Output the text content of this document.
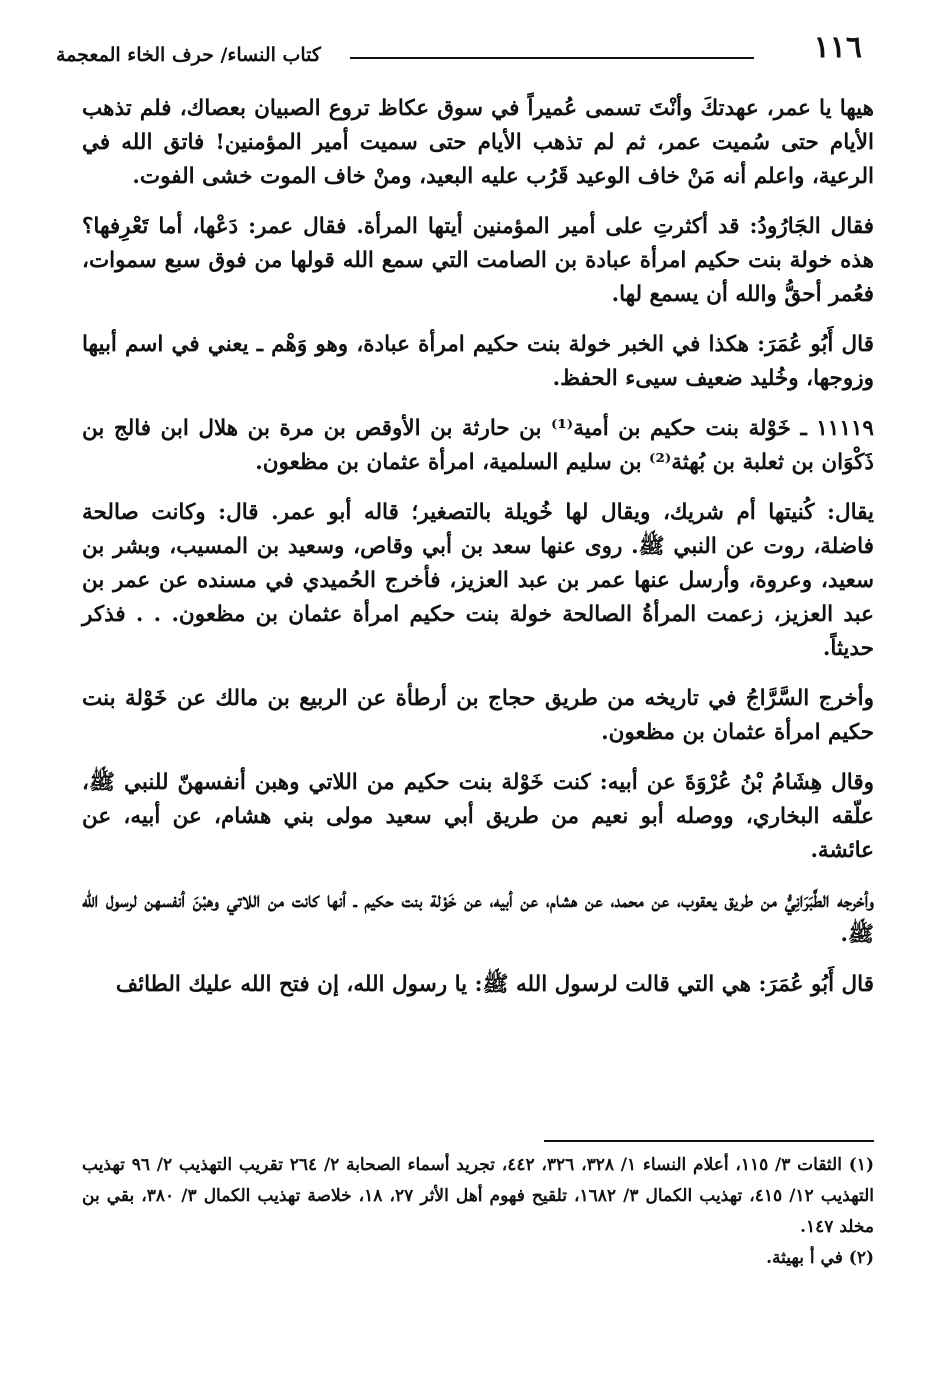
١١٦
كتاب النساء/ حرف الخاء المعجمة

هيها يا عمر، عهدتكَ وأنْتَ تسمى عُميراً في سوق عكاظ تروع الصبيان بعصاك، فلم تذهب الأيام حتى سُميت عمر، ثم لم تذهب الأيام حتى سميت أمير المؤمنين! فاتق الله في الرعية، واعلم أنه مَنْ خاف الوعيد قَرُب عليه البعيد، ومنْ خاف الموت خشى الفوت.

فقال الجَارُودُ: قد أكثرتِ على أمير المؤمنين أيتها المرأة. فقال عمر: دَعْها، أما تَعْرِفها؟ هذه خولة بنت حكيم امرأة عبادة بن الصامت التي سمع الله قولها من فوق سبع سموات، فعُمر أحقُّ والله أن يسمع لها.

قال أَبُو عُمَرَ: هكذا في الخبر خولة بنت حكيم امرأة عبادة، وهو وَهْم ـ يعني في اسم أبيها وزوجها، وخُليد ضعيف سيىء الحفظ.

١١١١٩ ـ خَوْلة بنت حكيم بن أمية⁽¹⁾ بن حارثة بن الأوقص بن مرة بن هلال ابن فالج بن ذَكْوَان بن ثعلبة بن بُهثة⁽²⁾ بن سليم السلمية، امرأة عثمان بن مظعون.

يقال: كُنيتها أم شريك، ويقال لها خُويلة بالتصغير؛ قاله أبو عمر. قال: وكانت صالحة فاضلة، روت عن النبي ﷺ. روى عنها سعد بن أبي وقاص، وسعيد بن المسيب، وبشر بن سعيد، وعروة، وأرسل عنها عمر بن عبد العزيز، فأخرج الحُميدي في مسنده عن عمر بن عبد العزيز، زعمت المرأةُ الصالحة خولة بنت حكيم امرأة عثمان بن مظعون. . . فذكر حديثاً.

وأخرج السَّرَّاجُ في تاريخه من طريق حجاج بن أرطأة عن الربيع بن مالك عن خَوْلة بنت حكيم امرأة عثمان بن مظعون.

وقال هِشَامُ بْنُ عُرْوَةَ عن أبيه: كنت خَوْلة بنت حكيم من اللاتي وهبن أنفسهنّ للنبي ﷺ، علّقه البخاري، ووصله أبو نعيم من طريق أبي سعيد مولى بني هشام، عن أبيه، عن عائشة.

وأخرجه الطَّبَرَانِيُّ من طريق يعقوب، عن محمد، عن هشام، عن أبيه، عن خَوْلة بنت حكيم ـ أنها كانت من اللاتي وهبْنَ أنفسهن لرسول الله ﷺ.

قال أَبُو عُمَرَ: هي التي قالت لرسول الله ﷺ: يا رسول الله، إن فتح الله عليك الطائف

(١) الثقات ٣/ ١١٥، أعلام النساء ١/ ٣٢٨، ٣٢٦، ٤٤٢، تجريد أسماء الصحابة ٢/ ٢٦٤ تقريب التهذيب ٢/ ٩٦ تهذيب التهذيب ١٢/ ٤١٥، تهذيب الكمال ٣/ ١٦٨٢، تلقيح فهوم أهل الأثر ٢٧، ١٨، خلاصة تهذيب الكمال ٣/ ٣٨٠، بقي بن مخلد ١٤٧.

(٢) في أ بهيثة.
